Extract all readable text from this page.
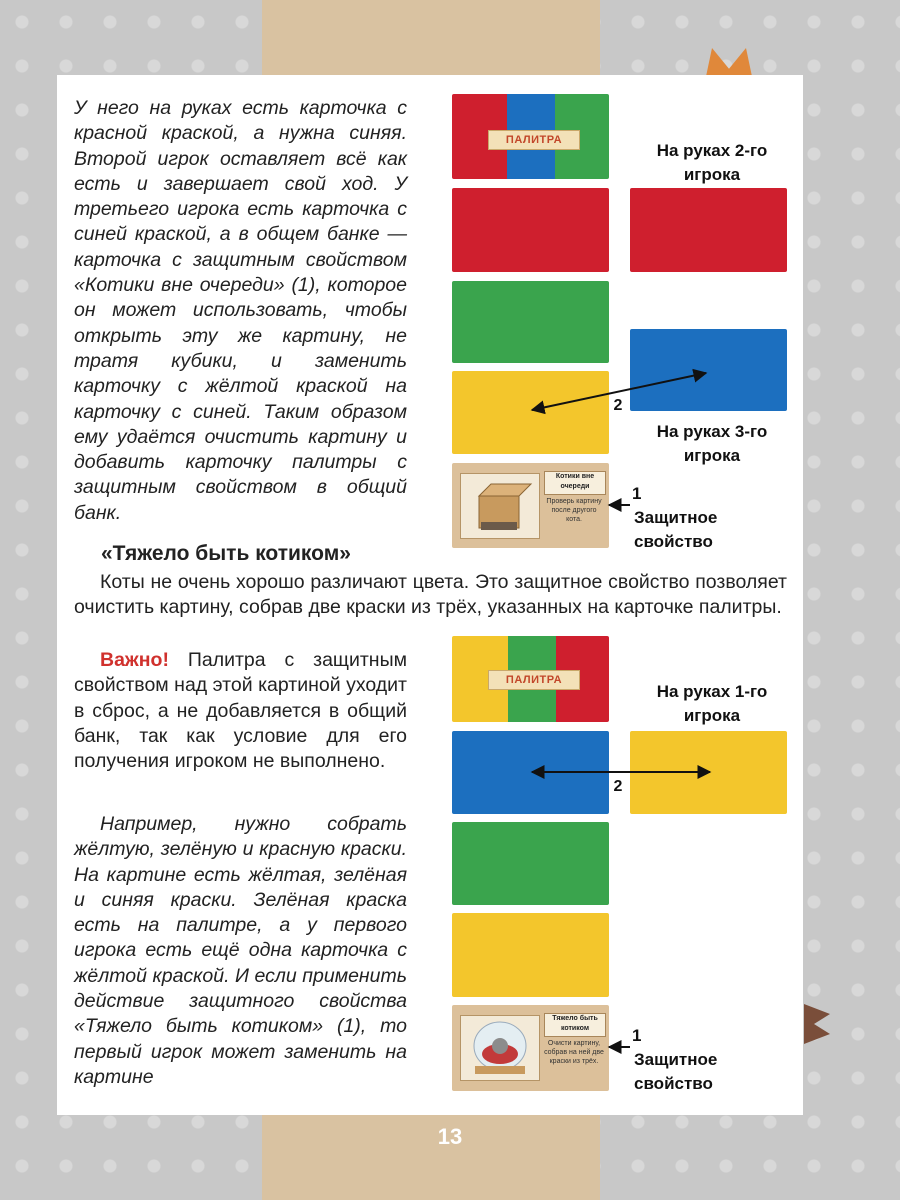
У него на руках есть карточка с красной краской, а нужна синяя. Второй игрок оставляет всё как есть и завершает свой ход. У третьего игрока есть карточка с синей краской, а в общем банке — карточка с защитным свойством «Котики вне очереди» (1), которое он может использовать, чтобы открыть эту же картину, не тратя кубики, и заменить карточку с жёлтой краской на карточку с синей. Таким образом ему удаётся очистить картину и добавить карточку палитры с защитным свойством в общий банк.
«Тяжело быть котиком»
Коты не очень хорошо различают цвета. Это защитное свойство позволяет очистить картину, собрав две краски из трёх, указанных на карточке палитры.
Важно! Палитра с защитным свойством над этой картиной уходит в сброс, а не добавляется в общий банк, так как условие для его получения игроком не выполнено.
Например, нужно собрать жёлтую, зелёную и красную краски. На картине есть жёлтая, зелёная и синяя краски. Зелёная краска есть на палитре, а у первого игрока есть ещё одна карточка с жёлтой краской. И если применить действие защитного свойства «Тяжело быть котиком» (1), то первый игрок может заменить на картине
ПАЛИТРА
На руках 2-го игрока
На руках 3-го игрока
Котики вне очереди
Проверь картину после другого кота.
1
Защитное свойство
2
ПАЛИТРА
На руках 1-го игрока
2
Тяжело быть котиком
Очисти картину, собрав на ней две краски из трёх.
1
Защитное свойство
13
